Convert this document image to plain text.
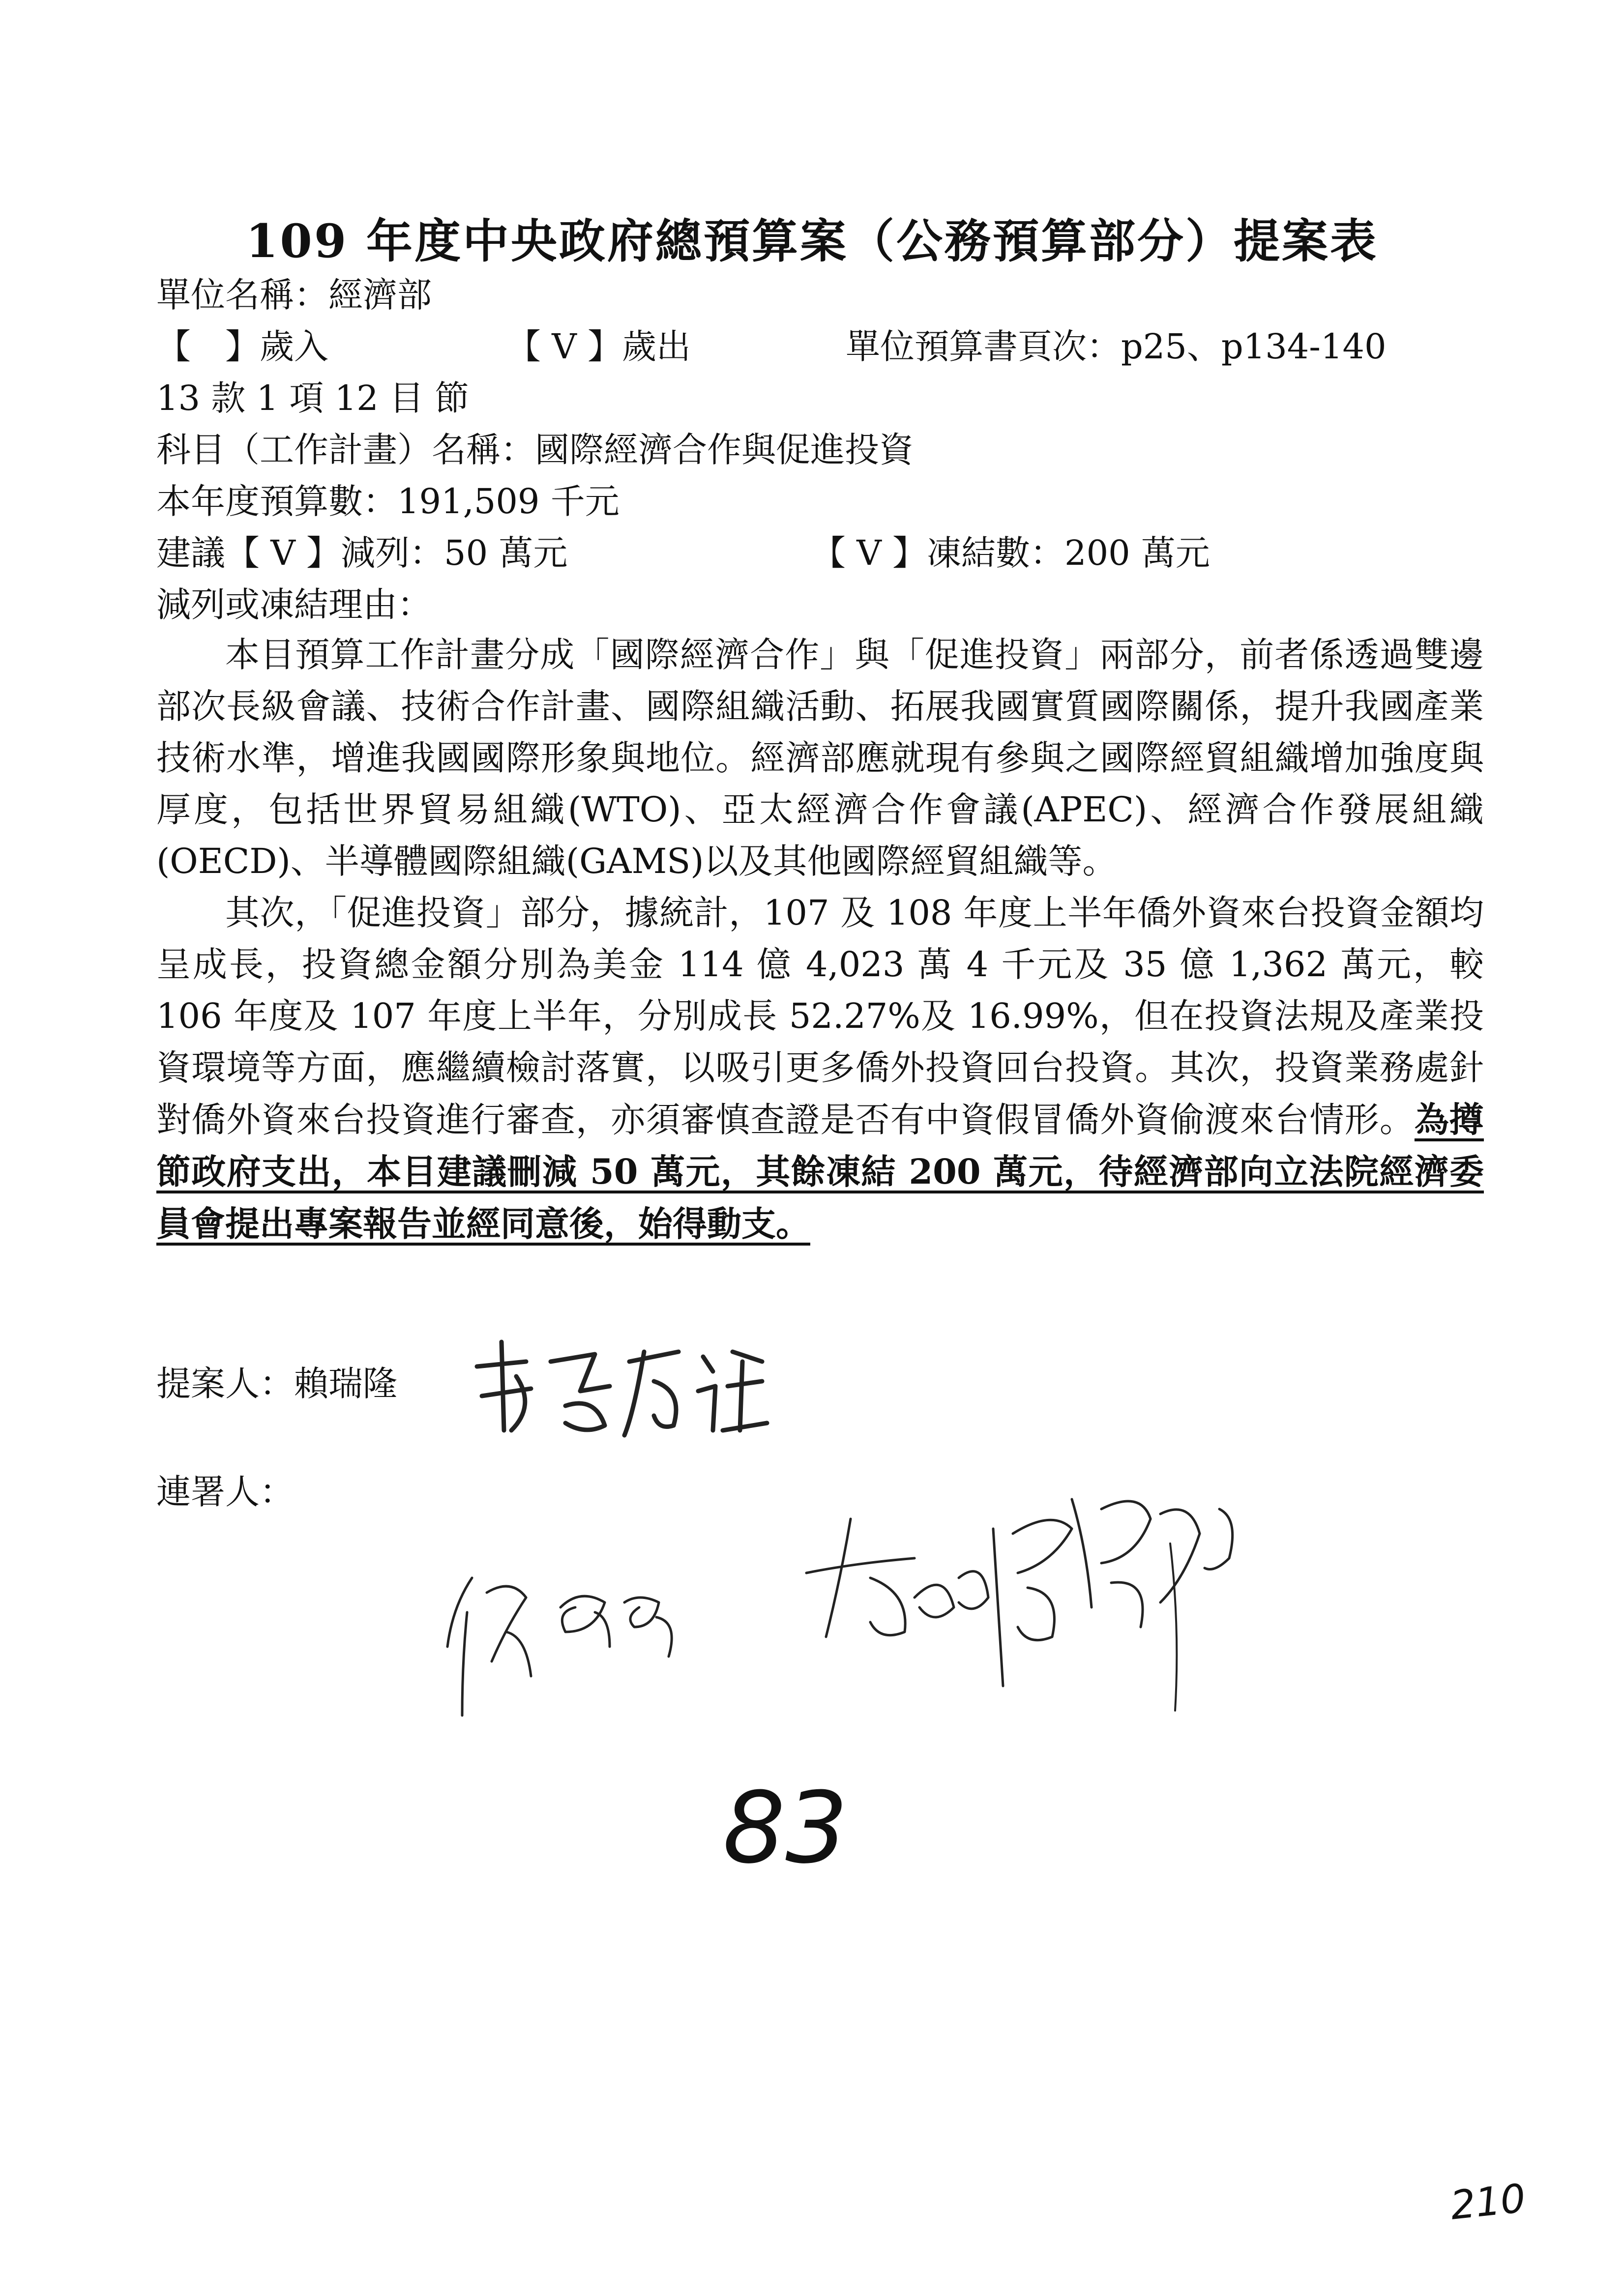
109 年度中央政府總預算案（公務預算部分）提案表
單位名稱：經濟部
【　】歲入	【 V 】歲出	單位預算書頁次：p25、p134-140
13 款 1 項 12 目 節
科目（工作計畫）名稱：國際經濟合作與促進投資
本年度預算數：191,509 千元
建議【 V 】減列：50 萬元	【 V 】凍結數：200 萬元
減列或凍結理由：

本目預算工作計畫分成「國際經濟合作」與「促進投資」兩部分，前者係透過雙邊部次長級會議、技術合作計畫、國際組織活動、拓展我國實質國際關係，提升我國產業技術水準，增進我國國際形象與地位。經濟部應就現有參與之國際經貿組織增加強度與厚度，包括世界貿易組織(WTO)、亞太經濟合作會議(APEC)、經濟合作發展組織(OECD)、半導體國際組織(GAMS)以及其他國際經貿組織等。

其次，「促進投資」部分，據統計，107 及 108 年度上半年僑外資來台投資金額均呈成長，投資總金額分別為美金 114 億 4,023 萬 4 千元及 35 億 1,362 萬元，較 106 年度及 107 年度上半年，分別成長 52.27%及 16.99%，但在投資法規及產業投資環境等方面，應繼續檢討落實，以吸引更多僑外投資回台投資。其次，投資業務處針對僑外資來台投資進行審查，亦須審慎查證是否有中資假冒僑外資偷渡來台情形。為撙節政府支出，本目建議刪減 50 萬元，其餘凍結 200 萬元，待經濟部向立法院經濟委員會提出專案報告並經同意後，始得動支。

提案人：賴瑞隆
連署人：
83
210
